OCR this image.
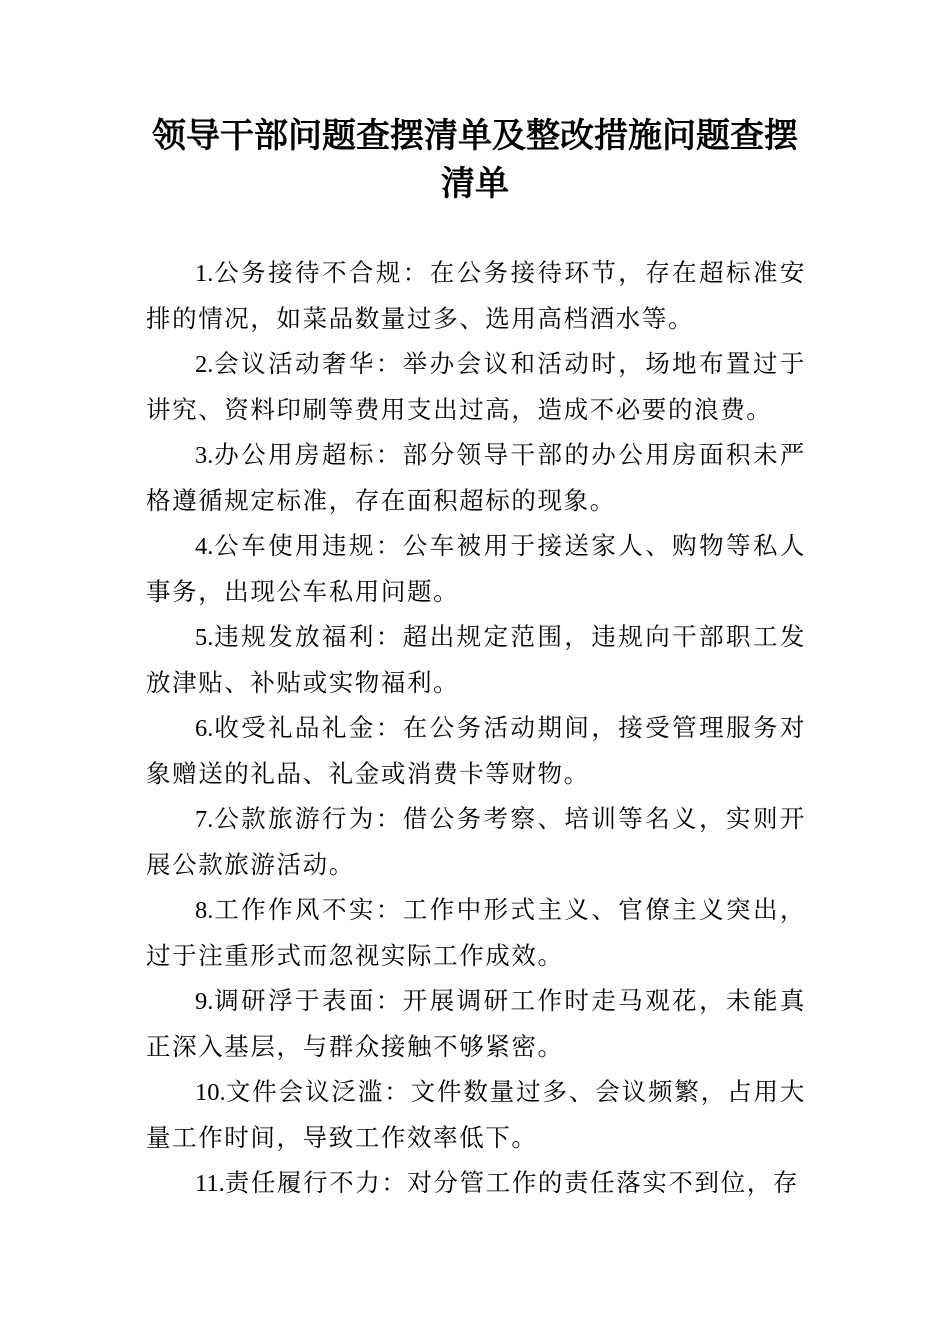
领导干部问题查摆清单及整改措施问题查摆清单

1.公务接待不合规：在公务接待环节，存在超标准安排的情况，如菜品数量过多、选用高档酒水等。

2.会议活动奢华：举办会议和活动时，场地布置过于讲究、资料印刷等费用支出过高，造成不必要的浪费。

3.办公用房超标：部分领导干部的办公用房面积未严格遵循规定标准，存在面积超标的现象。

4.公车使用违规：公车被用于接送家人、购物等私人事务，出现公车私用问题。

5.违规发放福利：超出规定范围，违规向干部职工发放津贴、补贴或实物福利。

6.收受礼品礼金：在公务活动期间，接受管理服务对象赠送的礼品、礼金或消费卡等财物。

7.公款旅游行为：借公务考察、培训等名义，实则开展公款旅游活动。

8.工作作风不实：工作中形式主义、官僚主义突出，过于注重形式而忽视实际工作成效。

9.调研浮于表面：开展调研工作时走马观花，未能真正深入基层，与群众接触不够紧密。

10.文件会议泛滥：文件数量过多、会议频繁，占用大量工作时间，导致工作效率低下。

11.责任履行不力：对分管工作的责任落实不到位，存
